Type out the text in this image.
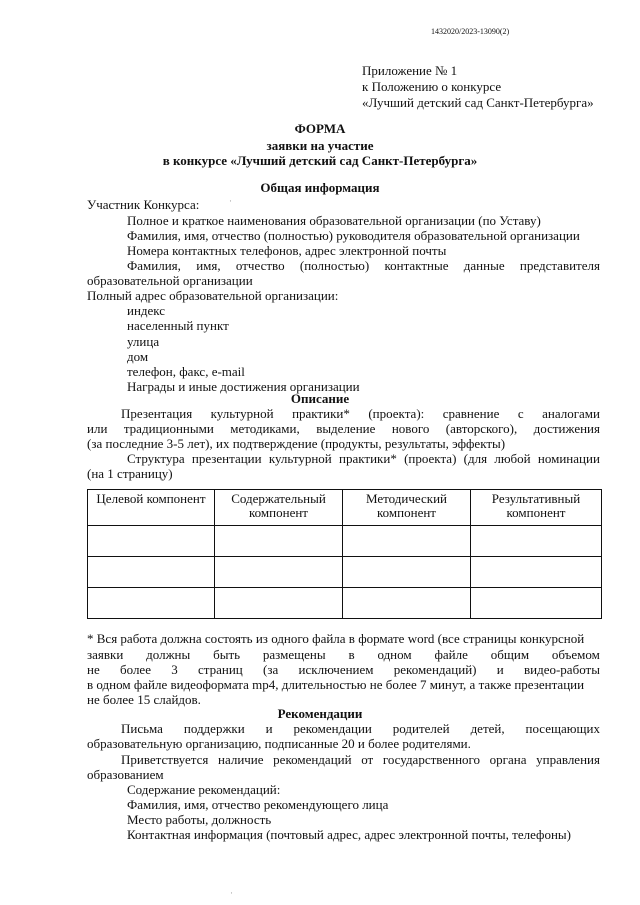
1432020/2023-13090(2)
Приложение № 1
к Положению о конкурсе
«Лучший детский сад Санкт-Петербурга»
ФОРМА
заявки на участие
в конкурсе «Лучший детский сад Санкт-Петербурга»
Общая информация
Участник Конкурса:	·
Полное и краткое наименования образовательной организации (по Уставу)
Фамилия, имя, отчество (полностью) руководителя образовательной организации
Номера контактных телефонов, адрес электронной почты
Фамилия, имя, отчество (полностью) контактные данные представителя
образовательной организации
Полный адрес образовательной организации:
индекс
населенный пункт
улица
дом
телефон, факс, e-mail
Награды и иные достижения организации
Описание
Презентация культурной практики* (проекта): сравнение с аналогами
или традиционными методиками, выделение нового (авторского), достижения
(за последние 3-5 лет), их подтверждение (продукты, результаты, эффекты)
Структура презентации культурной практики* (проекта) (для любой номинации
(на 1 страницу)
Целевой компонент	Содержательный компонент	Методический компонент	Результативный компонент

* Вся работа должна состоять из одного файла в формате word (все страницы конкурсной
заявки должны быть размещены в одном файле общим объемом
не более 3 страниц (за исключением рекомендаций) и видео-работы
в одном файле видеоформата mp4, длительностью не более 7 минут, а также презентации
не более 15 слайдов.
Рекомендации
Письма поддержки и рекомендации родителей детей, посещающих
образовательную организацию, подписанные 20 и более родителями.
Приветствуется наличие рекомендаций от государственного органа управления
образованием
Содержание рекомендаций:
Фамилия, имя, отчество рекомендующего лица
Место работы, должность
Контактная информация (почтовый адрес, адрес электронной почты, телефоны)
·
